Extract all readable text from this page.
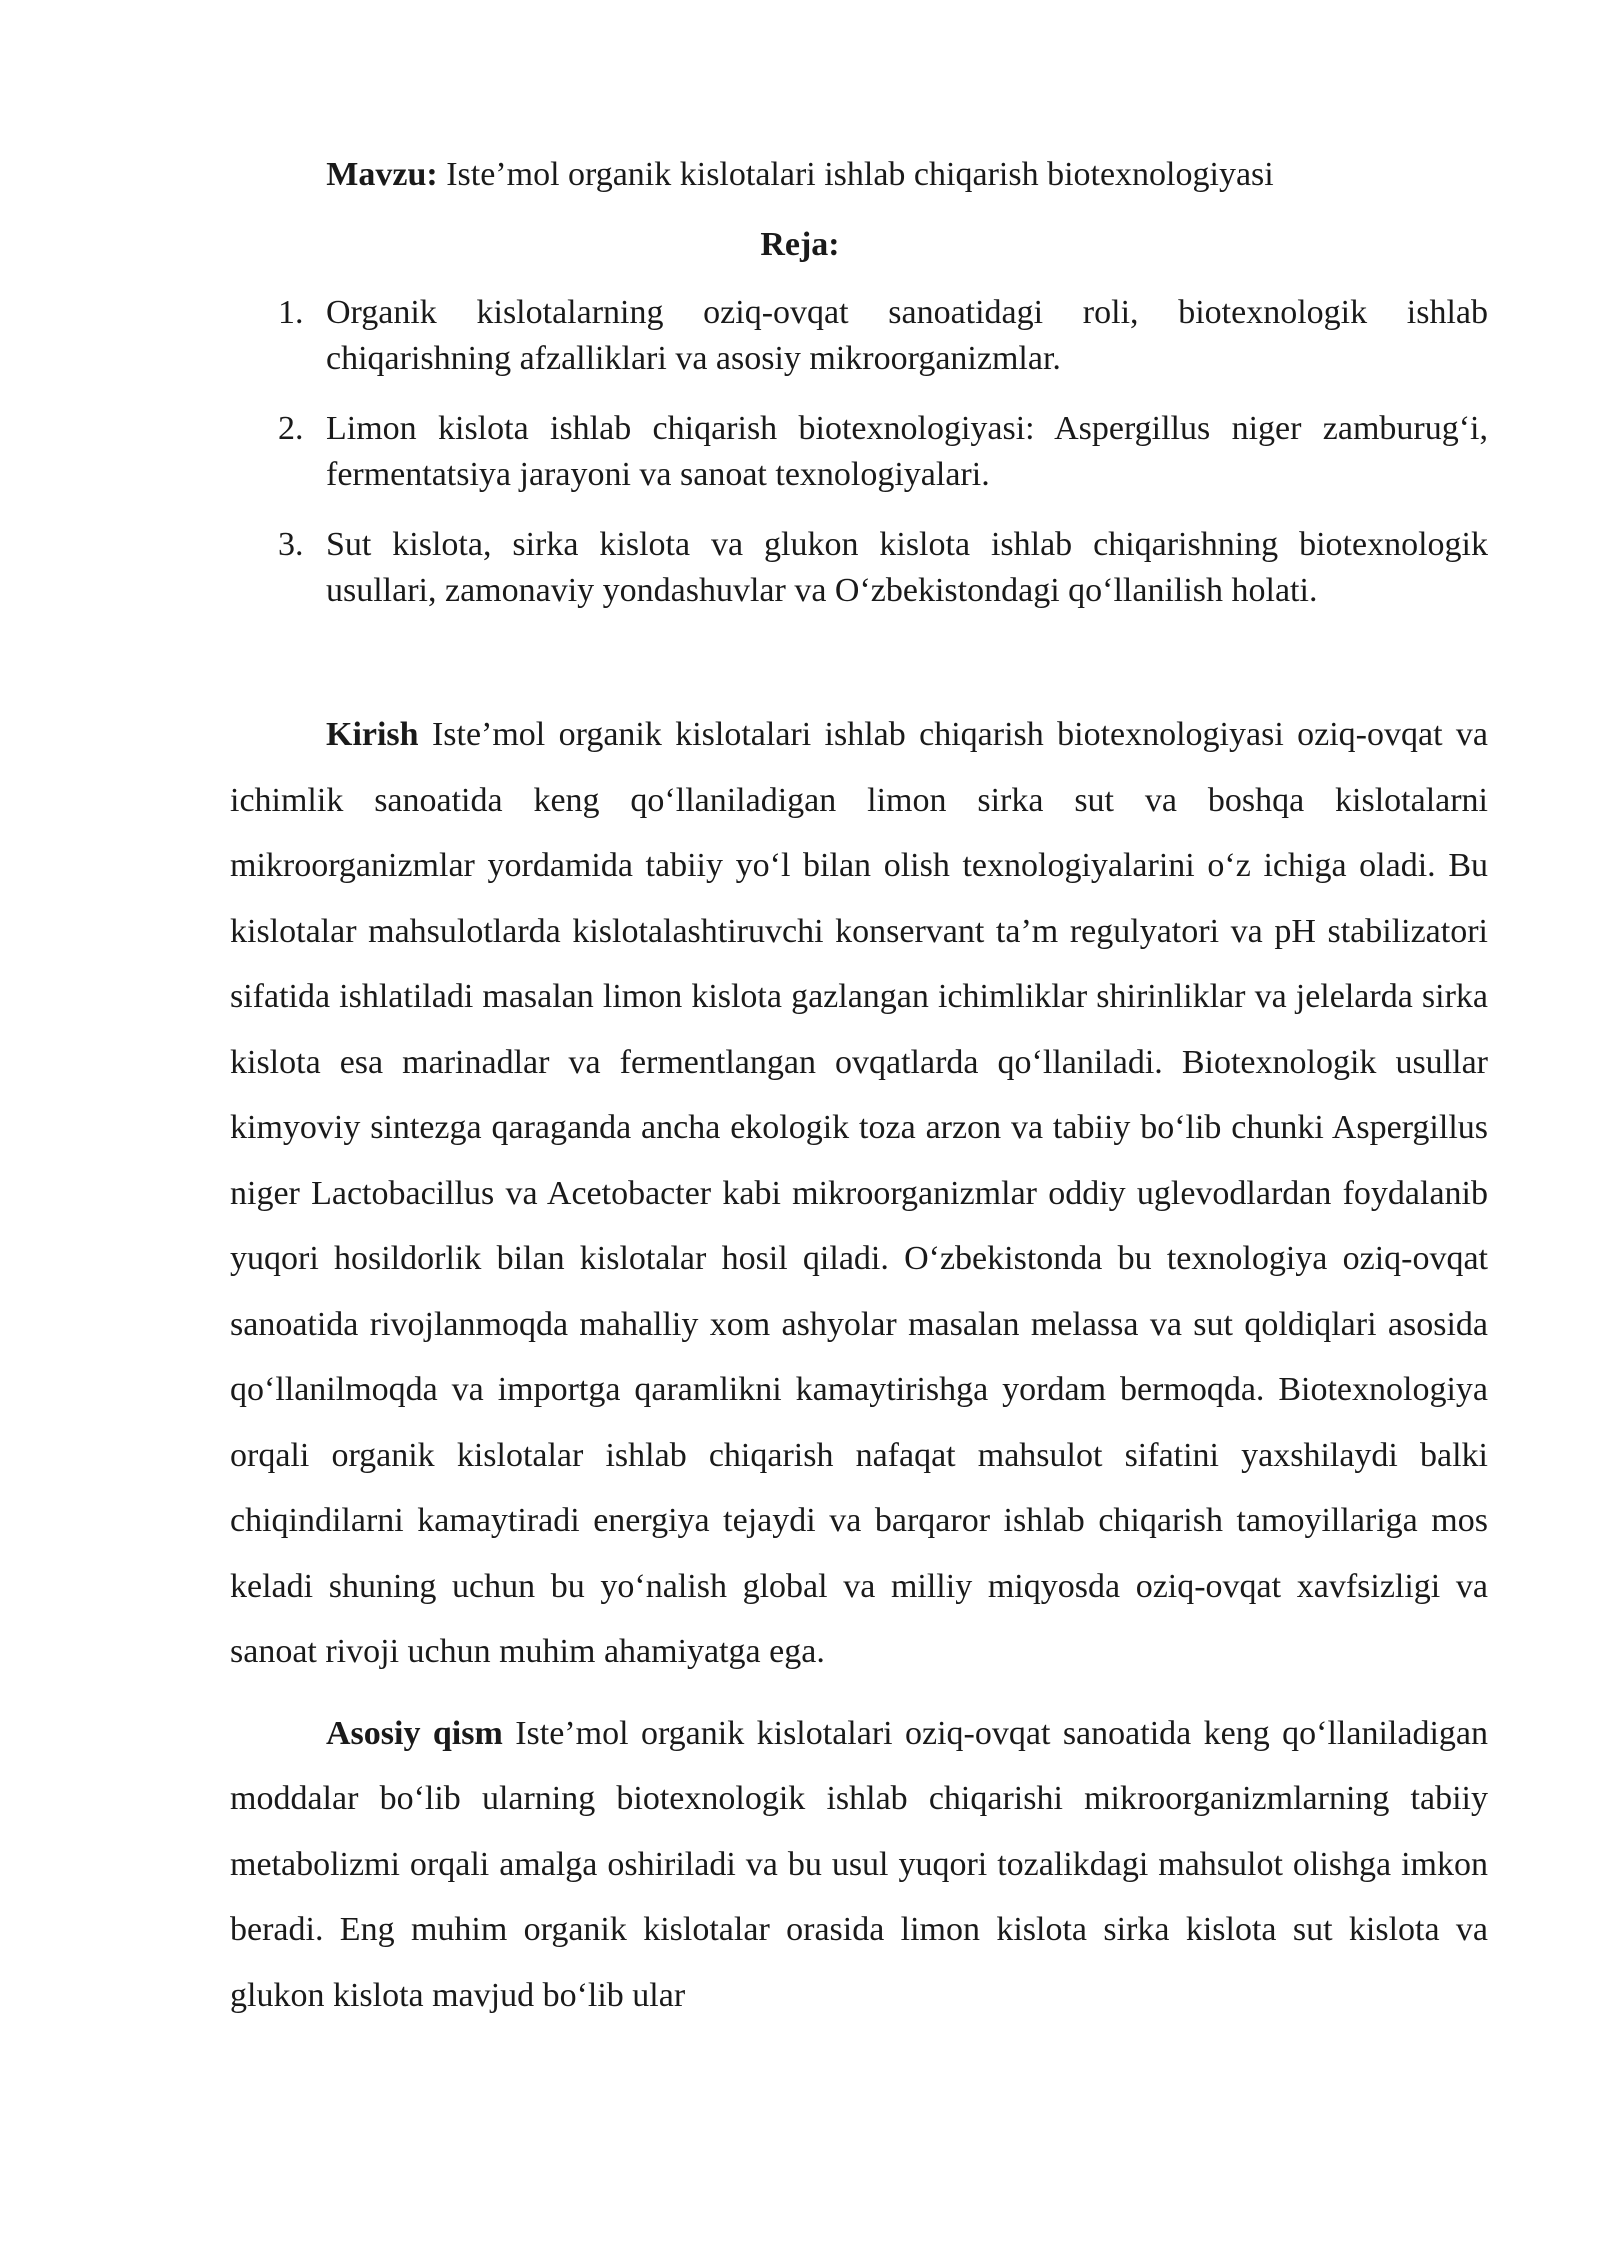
Mavzu: Iste’mol organik kislotalari ishlab chiqarish biotexnologiyasi
Reja:
1. Organik kislotalarning oziq-ovqat sanoatidagi roli, biotexnologik ishlab chiqarishning afzalliklari va asosiy mikroorganizmlar.
2. Limon kislota ishlab chiqarish biotexnologiyasi: Aspergillus niger zamburug‘i, fermentatsiya jarayoni va sanoat texnologiyalari.
3. Sut kislota, sirka kislota va glukon kislota ishlab chiqarishning biotexnologik usullari, zamonaviy yondashuvlar va O‘zbekistondagi qo‘llanilish holati.

Kirish Iste’mol organik kislotalari ishlab chiqarish biotexnologiyasi oziq-ovqat va ichimlik sanoatida keng qo‘llaniladigan limon sirka sut va boshqa kislotalarni mikroorganizmlar yordamida tabiiy yo‘l bilan olish texnologiyalarini o‘z ichiga oladi. Bu kislotalar mahsulotlarda kislotalashtiruvchi konservant ta’m regulyatori va pH stabilizatori sifatida ishlatiladi masalan limon kislota gazlangan ichimliklar shirinliklar va jelelarda sirka kislota esa marinadlar va fermentlangan ovqatlarda qo‘llaniladi. Biotexnologik usullar kimyoviy sintezga qaraganda ancha ekologik toza arzon va tabiiy bo‘lib chunki Aspergillus niger Lactobacillus va Acetobacter kabi mikroorganizmlar oddiy uglevodlardan foydalanib yuqori hosildorlik bilan kislotalar hosil qiladi. O‘zbekistonda bu texnologiya oziq-ovqat sanoatida rivojlanmoqda mahalliy xom ashyolar masalan melassa va sut qoldiqlari asosida qo‘llanilmoqda va importga qaramlikni kamaytirishga yordam bermoqda. Biotexnologiya orqali organik kislotalar ishlab chiqarish nafaqat mahsulot sifatini yaxshilaydi balki chiqindilarni kamaytiradi energiya tejaydi va barqaror ishlab chiqarish tamoyillariga mos keladi shuning uchun bu yo‘nalish global va milliy miqyosda oziq-ovqat xavfsizligi va sanoat rivoji uchun muhim ahamiyatga ega.

Asosiy qism Iste’mol organik kislotalari oziq-ovqat sanoatida keng qo‘llaniladigan moddalar bo‘lib ularning biotexnologik ishlab chiqarishi mikroorganizmlarning tabiiy metabolizmi orqali amalga oshiriladi va bu usul yuqori tozalikdagi mahsulot olishga imkon beradi. Eng muhim organik kislotalar orasida limon kislota sirka kislota sut kislota va glukon kislota mavjud bo‘lib ular
